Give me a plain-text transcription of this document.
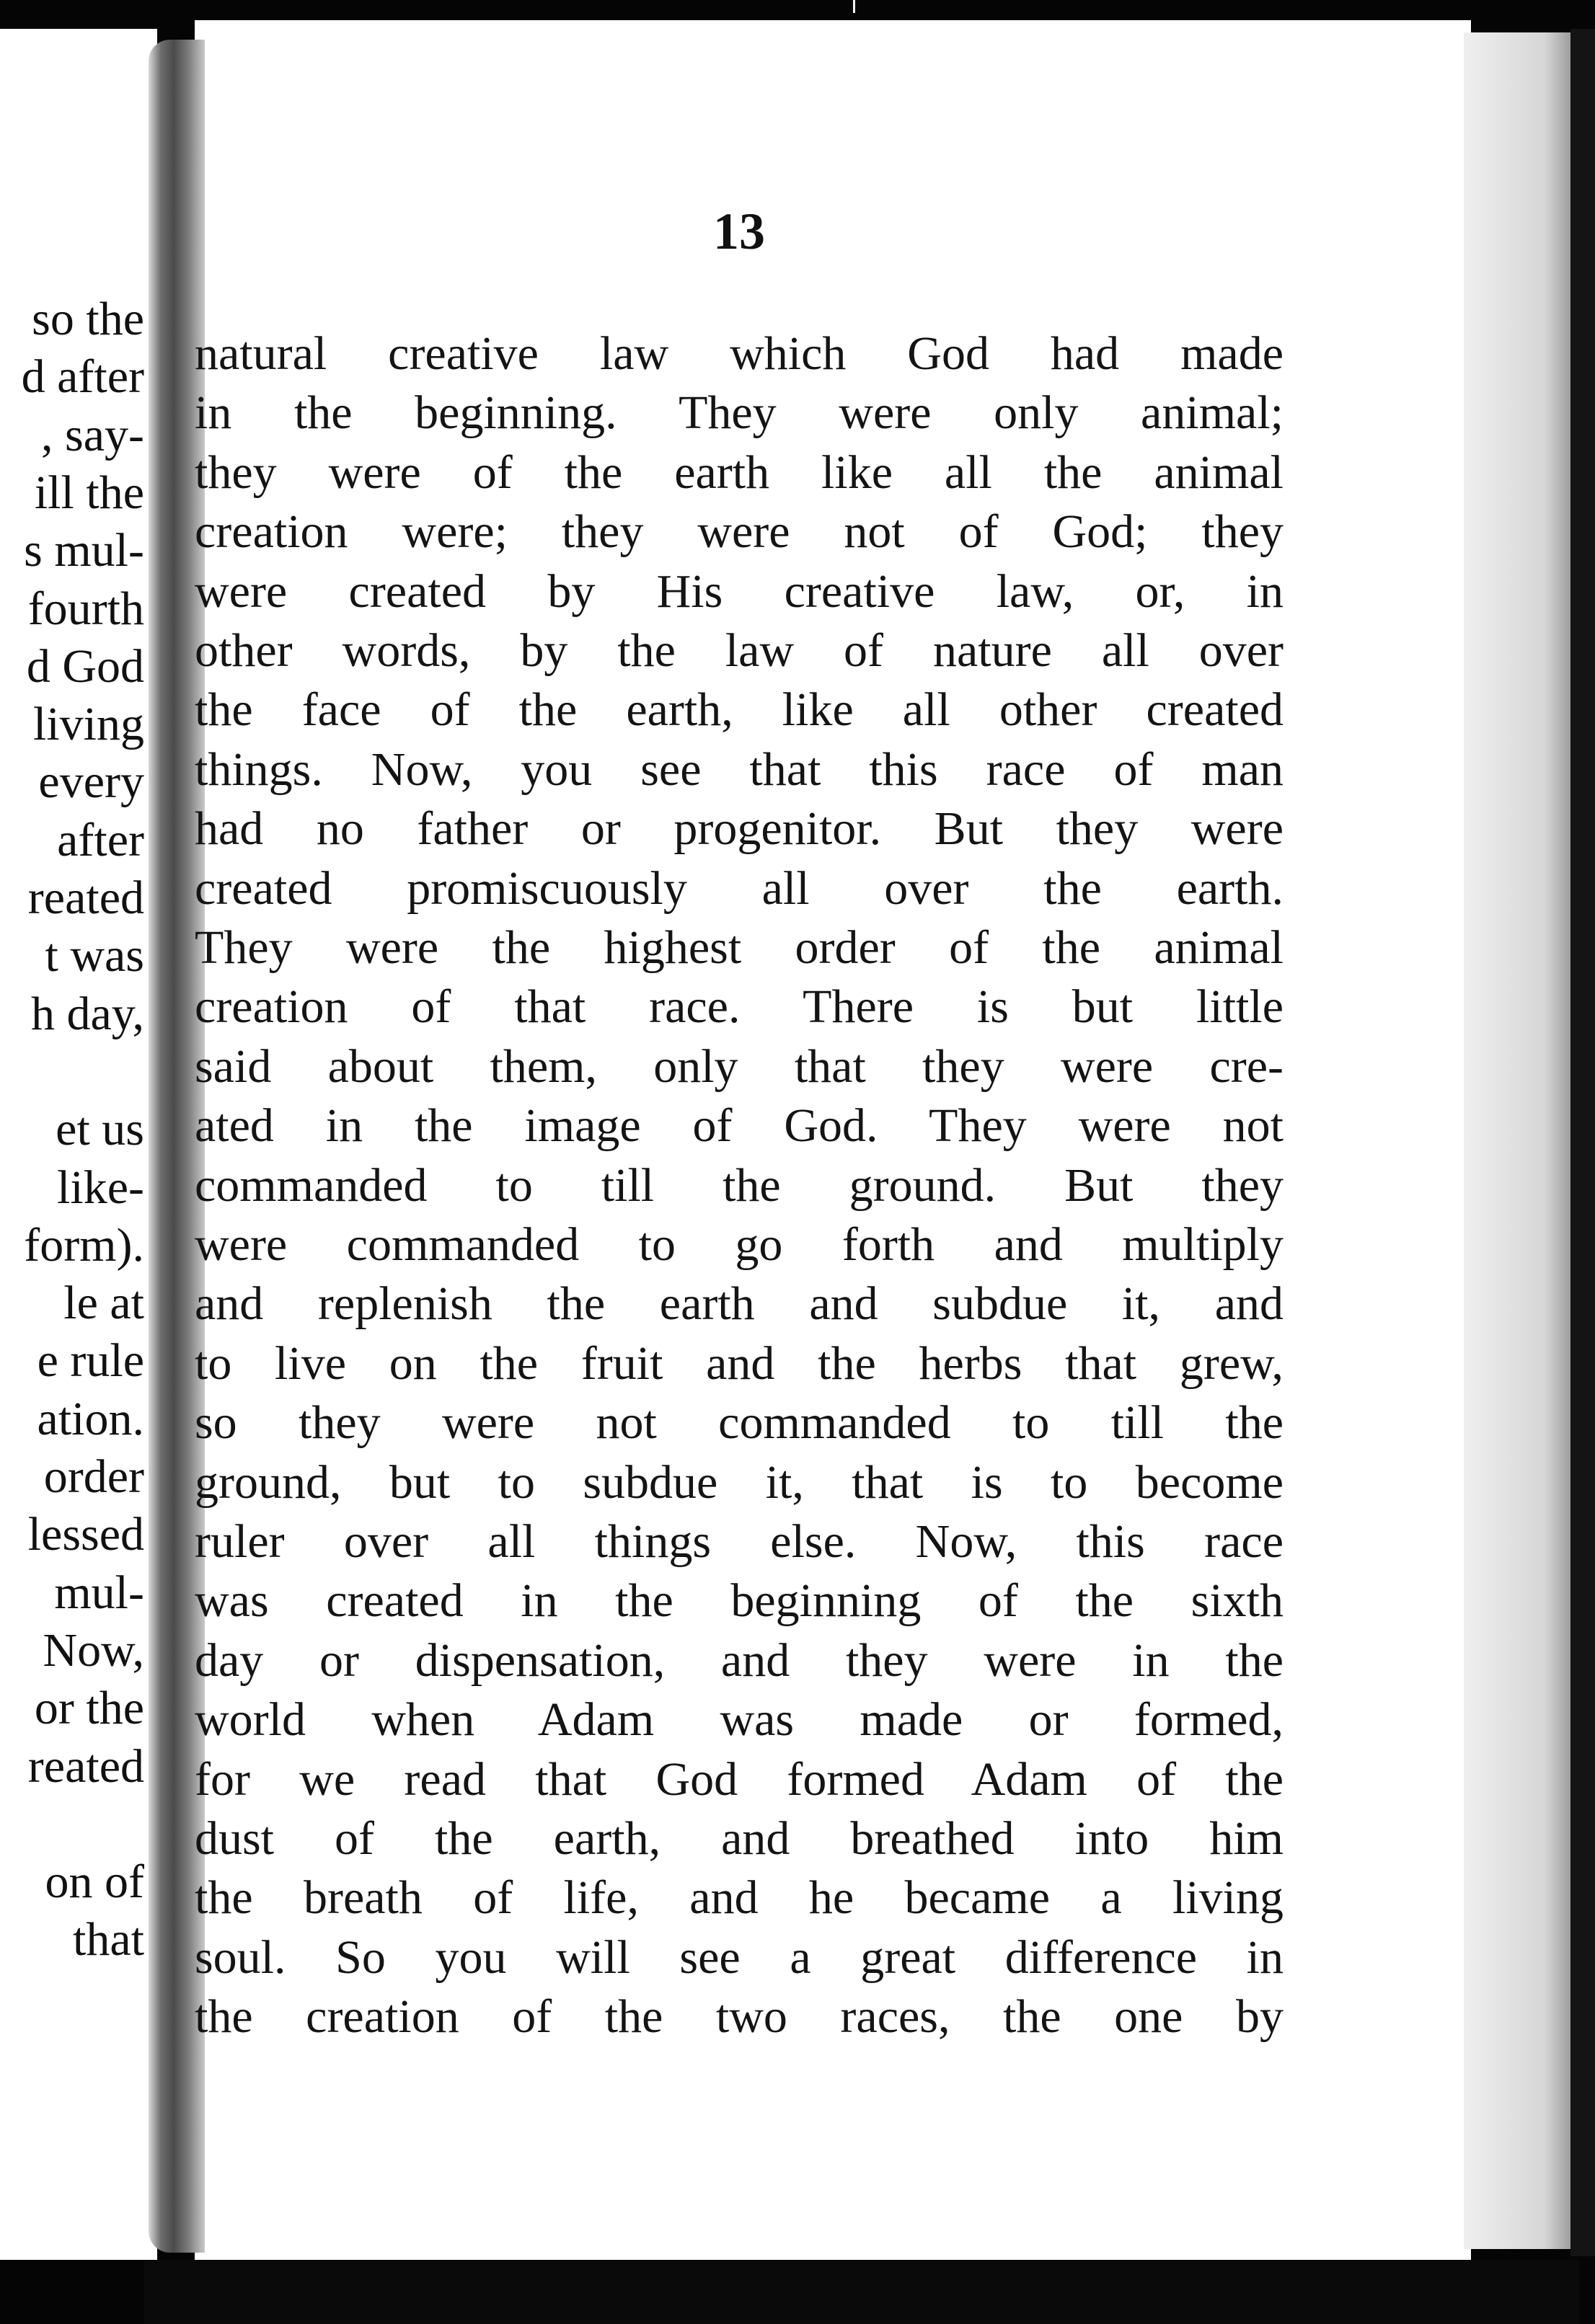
so the
d after
, say-
ill the
s mul-
fourth
d God
living
every
after
reated
t was
h day,
et us
like-
form).
le at
e rule
ation.
order
lessed
mul-
Now,
or the
reated
on of
that
13
natural creative law which God had made
in the beginning. They were only animal;
they were of the earth like all the animal
creation were; they were not of God; they
were created by His creative law, or, in
other words, by the law of nature all over
the face of the earth, like all other created
things. Now, you see that this race of man
had no father or progenitor. But they were
created promiscuously all over the earth.
They were the highest order of the animal
creation of that race. There is but little
said about them, only that they were cre-
ated in the image of God. They were not
commanded to till the ground. But they
were commanded to go forth and multiply
and replenish the earth and subdue it, and
to live on the fruit and the herbs that grew,
so they were not commanded to till the
ground, but to subdue it, that is to become
ruler over all things else. Now, this race
was created in the beginning of the sixth
day or dispensation, and they were in the
world when Adam was made or formed,
for we read that God formed Adam of the
dust of the earth, and breathed into him
the breath of life, and he became a living
soul. So you will see a great difference in
the creation of the two races, the one by
